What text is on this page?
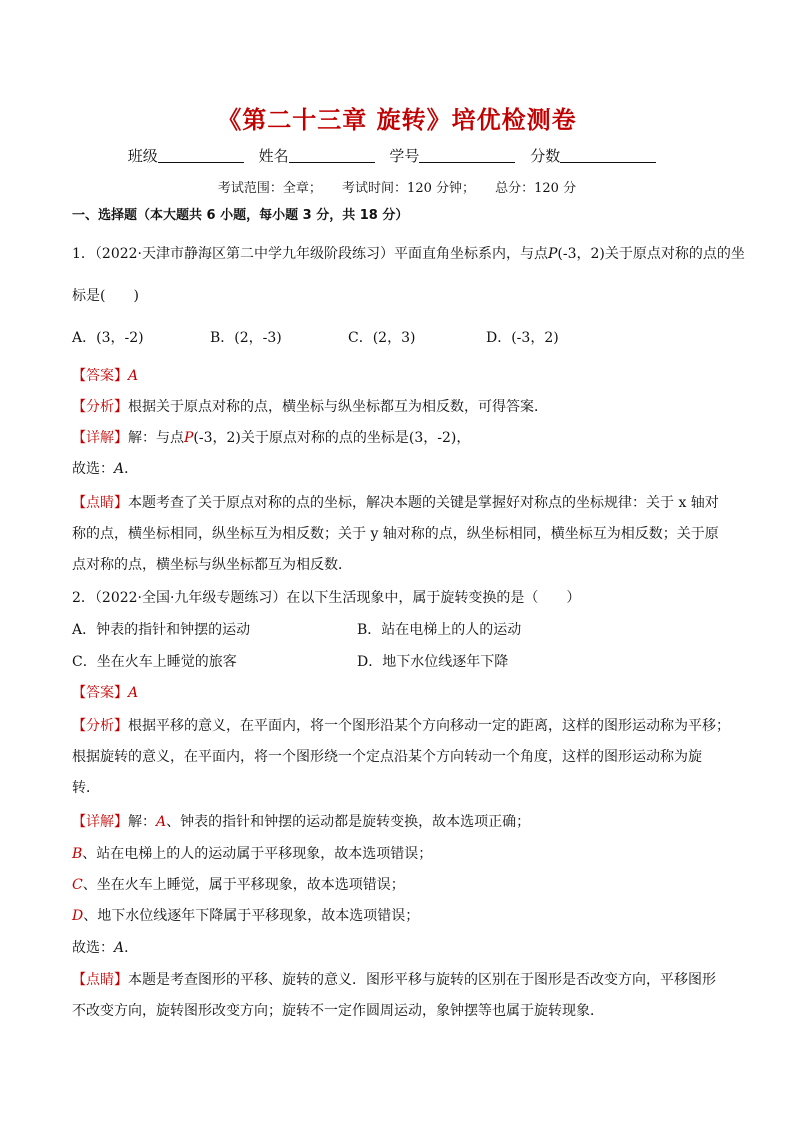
《第二十三章 旋转》培优检测卷
班级	姓名	学号	分数
考试范围：全章； 考试时间：120 分钟； 总分：120 分
一、选择题（本大题共 6 小题，每小题 3 分，共 18 分）
1．（2022·天津市静海区第二中学九年级阶段练习）平面直角坐标系内，与点P(-3，2)关于原点对称的点的坐
标是(　　)
A．(3，-2)	B．(2，-3)	C．(2，3)	D．(-3，2)
【答案】A
【分析】根据关于原点对称的点，横坐标与纵坐标都互为相反数，可得答案．
【详解】解：与点P(-3，2)关于原点对称的点的坐标是(3，-2)，
故选：A．
【点睛】本题考查了关于原点对称的点的坐标，解决本题的关键是掌握好对称点的坐标规律：关于 x 轴对
称的点，横坐标相同，纵坐标互为相反数；关于 y 轴对称的点，纵坐标相同，横坐标互为相反数；关于原
点对称的点，横坐标与纵坐标都互为相反数．
2．（2022·全国·九年级专题练习）在以下生活现象中，属于旋转变换的是（　　）
A．钟表的指针和钟摆的运动	B．站在电梯上的人的运动
C．坐在火车上睡觉的旅客	D．地下水位线逐年下降
【答案】A
【分析】根据平移的意义，在平面内，将一个图形沿某个方向移动一定的距离，这样的图形运动称为平移；
根据旋转的意义，在平面内，将一个图形绕一个定点沿某个方向转动一个角度，这样的图形运动称为旋
转．
【详解】解：A、钟表的指针和钟摆的运动都是旋转变换，故本选项正确；
B、站在电梯上的人的运动属于平移现象，故本选项错误；
C、坐在火车上睡觉，属于平移现象，故本选项错误；
D、地下水位线逐年下降属于平移现象，故本选项错误；
故选：A．
【点睛】本题是考查图形的平移、旋转的意义．图形平移与旋转的区别在于图形是否改变方向，平移图形
不改变方向，旋转图形改变方向；旋转不一定作圆周运动，象钟摆等也属于旋转现象．
